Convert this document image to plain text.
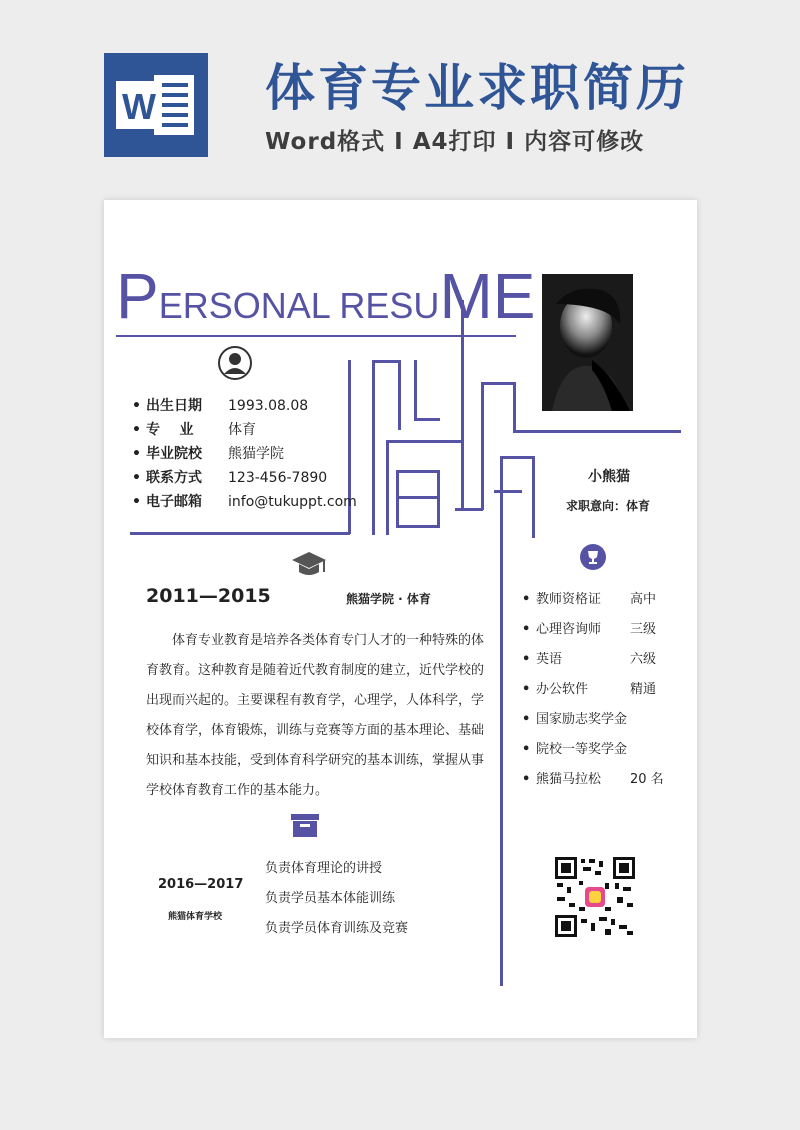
W 体育专业求职简历
Word格式 I A4打印 I 内容可修改
PERSONAL RESUME
• 出生日期 1993.08.08
• 专    业 体育
• 毕业院校 熊猫学院
• 联系方式 123-456-7890
• 电子邮箱 info@tukuppt.com
小熊猫
求职意向：体育
2011—2015	熊猫学院 · 体育
体育专业教育是培养各类体育专门人才的一种特殊的体育教育。这种教育是随着近代教育制度的建立，近代学校的出现而兴起的。主要课程有教育学，心理学，人体科学，学校体育学，体育锻炼，训练与竞赛等方面的基本理论、基础知识和基本技能，受到体育科学研究的基本训练，掌握从事学校体育教育工作的基本能力。
• 教师资格证 高中
• 心理咨询师 三级
• 英语	六级
• 办公软件	精通
• 国家励志奖学金
• 院校一等奖学金
• 熊猫马拉松 20 名
2016—2017
熊猫体育学校
负责体育理论的讲授
负责学员基本体能训练
负责学员体育训练及竞赛
